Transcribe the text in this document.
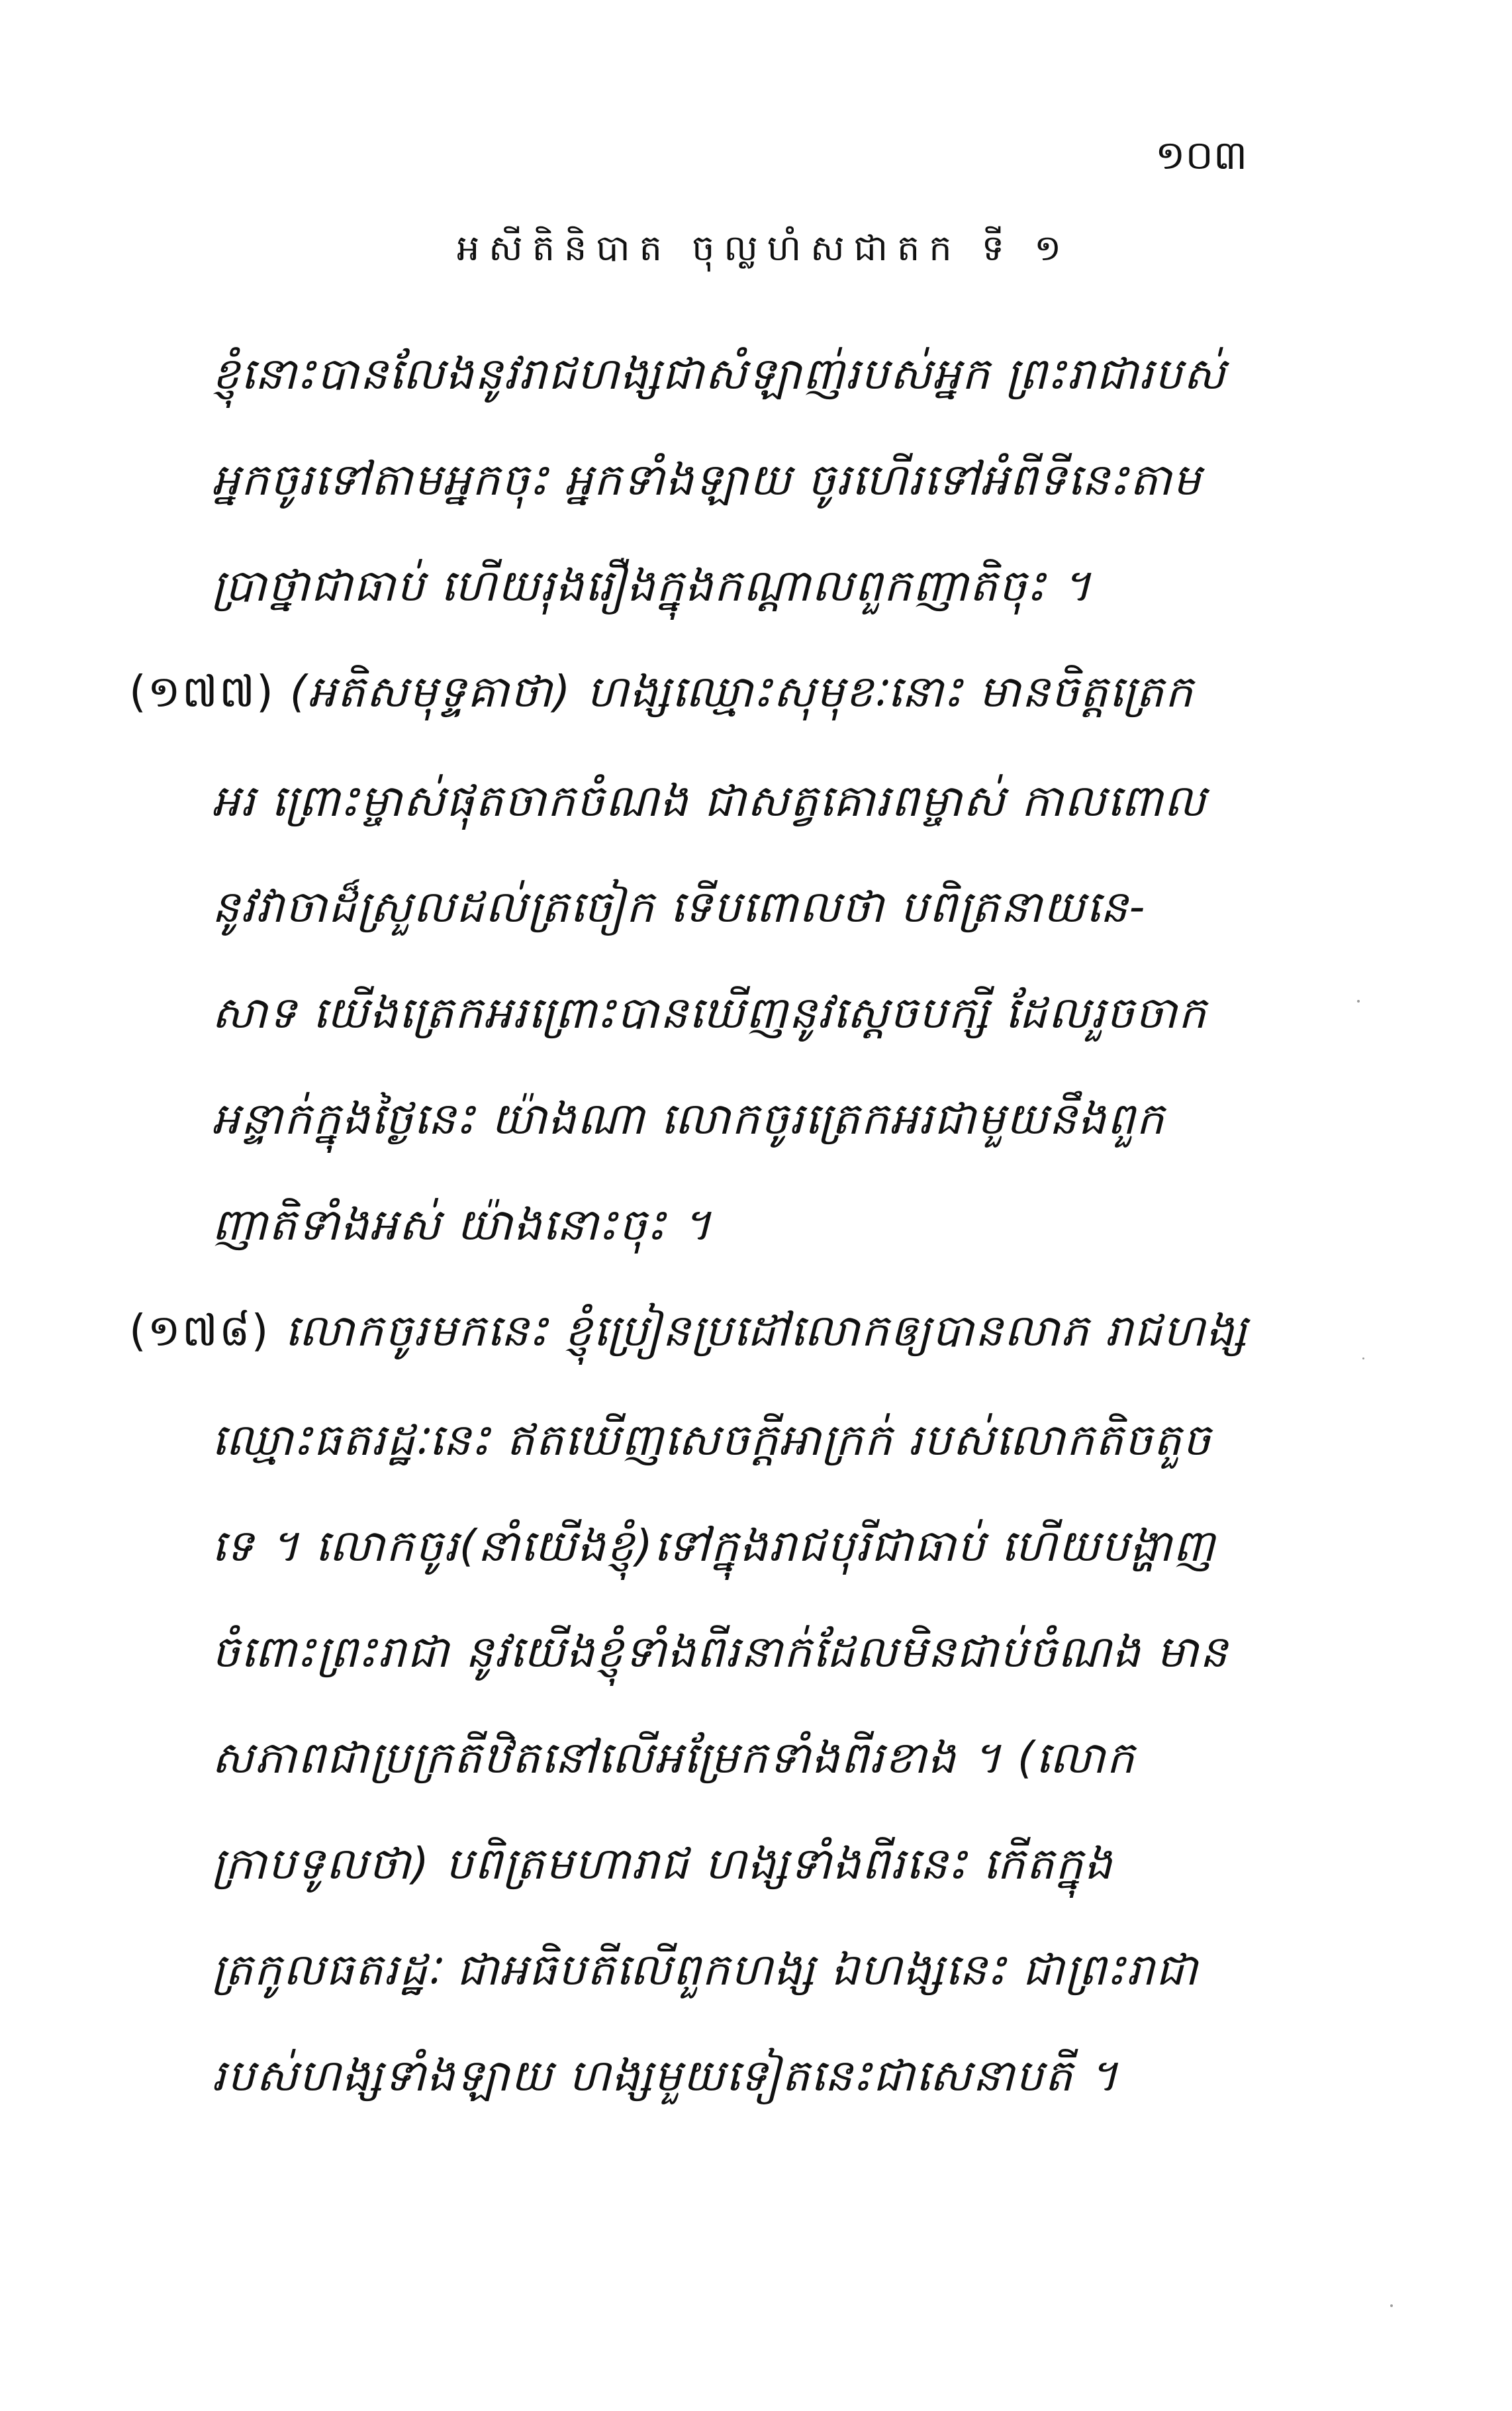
១០៣
អសីតិនិបាត ចុល្លហំសជាតក ទី ១
ខ្ញុំនោះបានលែងនូវរាជហង្សជាសំឡាញ់របស់អ្នក ព្រះរាជារបស់
អ្នកចូរទៅតាមអ្នកចុះ អ្នកទាំងឡាយ ចូរហើរទៅអំពីទីនេះតាម
ប្រាថ្នាជាធាប់ ហើយរុងរឿងក្នុងកណ្តាលពួកញាតិចុះ ។
(១៧៧) (អតិសមុទ្ទគាថា) ហង្សឈ្មោះសុមុខៈនោះ មានចិត្តត្រេក
អរ ព្រោះម្ចាស់ផុតចាកចំណង ជាសត្វគោរពម្ចាស់ កាលពោល
នូវវាចាដ៏ស្រួលដល់ត្រចៀក ទើបពោលថា បពិត្រនាយនេ-
សាទ យើងត្រេកអរព្រោះបានឃើញនូវស្តេចបក្សី ដែលរួចចាក
អន្ទាក់ក្នុងថ្ងៃនេះ យ៉ាងណា លោកចូរត្រេកអរជាមួយនឹងពួក
ញាតិទាំងអស់ យ៉ាងនោះចុះ ។
(១៧៨) លោកចូរមកនេះ ខ្ញុំប្រៀនប្រដៅលោកឲ្យបានលាភ រាជហង្ស
ឈ្មោះធតរដ្ឋៈនេះ ឥតឃើញសេចក្តីអាក្រក់ របស់លោកតិចតួច
ទេ ។ លោកចូរ(នាំយើងខ្ញុំ)ទៅក្នុងរាជបុរីជាធាប់ ហើយបង្ហាញ
ចំពោះព្រះរាជា នូវយើងខ្ញុំទាំងពីរនាក់ដែលមិនជាប់ចំណង មាន
សភាពជាប្រក្រតីឋិតនៅលើអម្រែកទាំងពីរខាង ។ (លោក
ក្រាបទូលថា) បពិត្រមហារាជ ហង្សទាំងពីរនេះ កើតក្នុង
ត្រកូលធតរដ្ឋៈ ជាអធិបតីលើពួកហង្ស ឯហង្សនេះ ជាព្រះរាជា
របស់ហង្សទាំងឡាយ ហង្សមួយទៀតនេះជាសេនាបតី ។
